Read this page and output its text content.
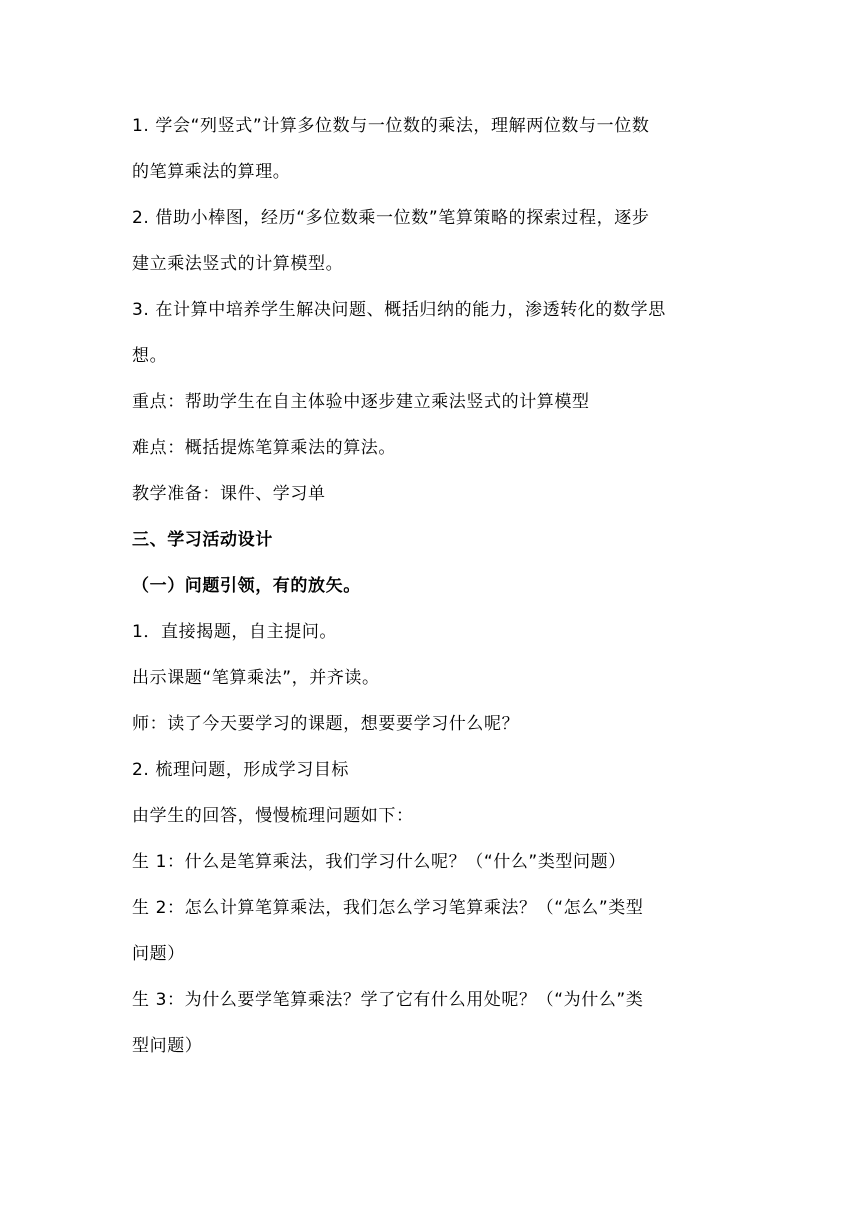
1. 学会“列竖式”计算多位数与一位数的乘法，理解两位数与一位数
的笔算乘法的算理。
2. 借助小棒图，经历“多位数乘一位数”笔算策略的探索过程，逐步
建立乘法竖式的计算模型。
3. 在计算中培养学生解决问题、概括归纳的能力，渗透转化的数学思
想。
重点：帮助学生在自主体验中逐步建立乘法竖式的计算模型
难点：概括提炼笔算乘法的算法。
教学准备：课件、学习单
三、学习活动设计
（一）问题引领，有的放矢。
1．直接揭题，自主提问。
出示课题“笔算乘法”，并齐读。
师：读了今天要学习的课题，想要要学习什么呢？
2. 梳理问题，形成学习目标
由学生的回答，慢慢梳理问题如下：
生 1：什么是笔算乘法，我们学习什么呢？（“什么”类型问题）
生 2：怎么计算笔算乘法，我们怎么学习笔算乘法？（“怎么”类型
问题）
生 3：为什么要学笔算乘法？学了它有什么用处呢？（“为什么”类
型问题）
